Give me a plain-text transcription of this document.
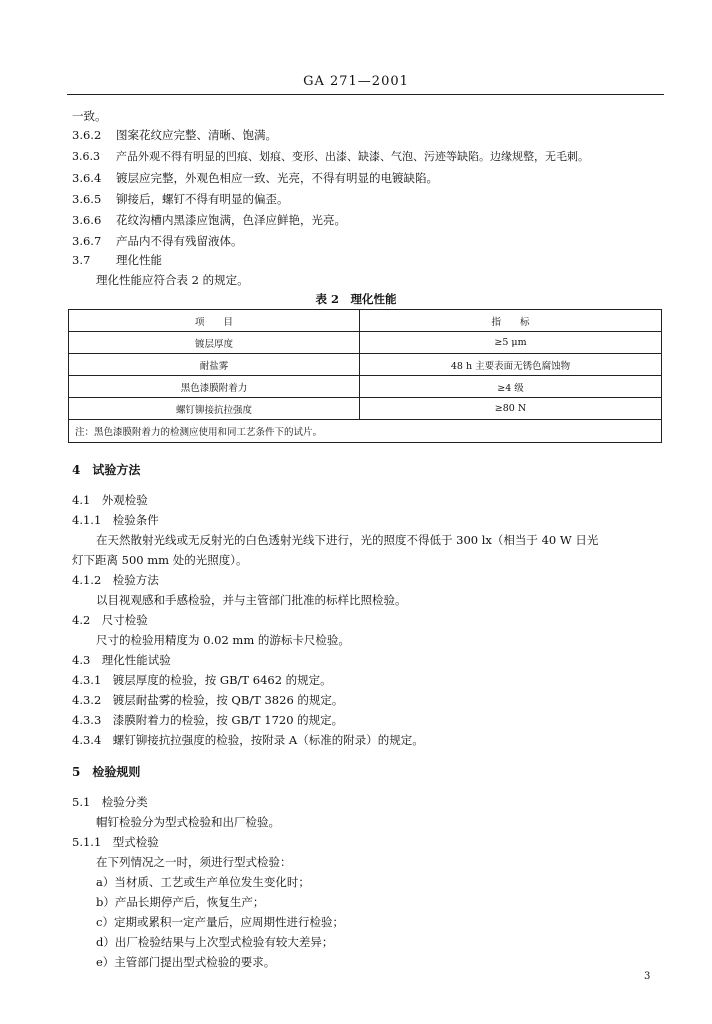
GA 271—2001
一致。
3.6.2 图案花纹应完整、清晰、饱满。
3.6.3 产品外观不得有明显的凹痕、划痕、变形、出漆、缺漆、气泡、污迹等缺陷。边缘规整，无毛刺。
3.6.4 镀层应完整，外观色相应一致、光亮，不得有明显的电镀缺陷。
3.6.5 铆接后，螺钉不得有明显的偏歪。
3.6.6 花纹沟槽内黑漆应饱满，色泽应鲜艳，光亮。
3.6.7 产品内不得有残留液体。
3.7 理化性能
理化性能应符合表 2 的规定。
表 2　理化性能
项　　目	指　　标
镀层厚度	≥5 μm
耐盐雾	48 h 主要表面无锈色腐蚀物
黑色漆膜附着力	≥4 级
螺钉铆接抗拉强度	≥80 N
注：黑色漆膜附着力的检测应使用和同工艺条件下的试片。	
4　试验方法
4.1　外观检验
4.1.1　检验条件
在天然散射光线或无反射光的白色透射光线下进行，光的照度不得低于 300 lx（相当于 40 W 日光
灯下距离 500 mm 处的光照度）。
4.1.2　检验方法
以目视观感和手感检验，并与主管部门批准的标样比照检验。
4.2　尺寸检验
尺寸的检验用精度为 0.02 mm 的游标卡尺检验。
4.3　理化性能试验
4.3.1　镀层厚度的检验，按 GB/T 6462 的规定。
4.3.2　镀层耐盐雾的检验，按 QB/T 3826 的规定。
4.3.3　漆膜附着力的检验，按 GB/T 1720 的规定。
4.3.4　螺钉铆接抗拉强度的检验，按附录 A（标准的附录）的规定。
5　检验规则
5.1　检验分类
帽钉检验分为型式检验和出厂检验。
5.1.1　型式检验
在下列情况之一时，须进行型式检验：
a）当材质、工艺或生产单位发生变化时；
b）产品长期停产后，恢复生产；
c）定期或累积一定产量后，应周期性进行检验；
d）出厂检验结果与上次型式检验有较大差异；
e）主管部门提出型式检验的要求。
3
